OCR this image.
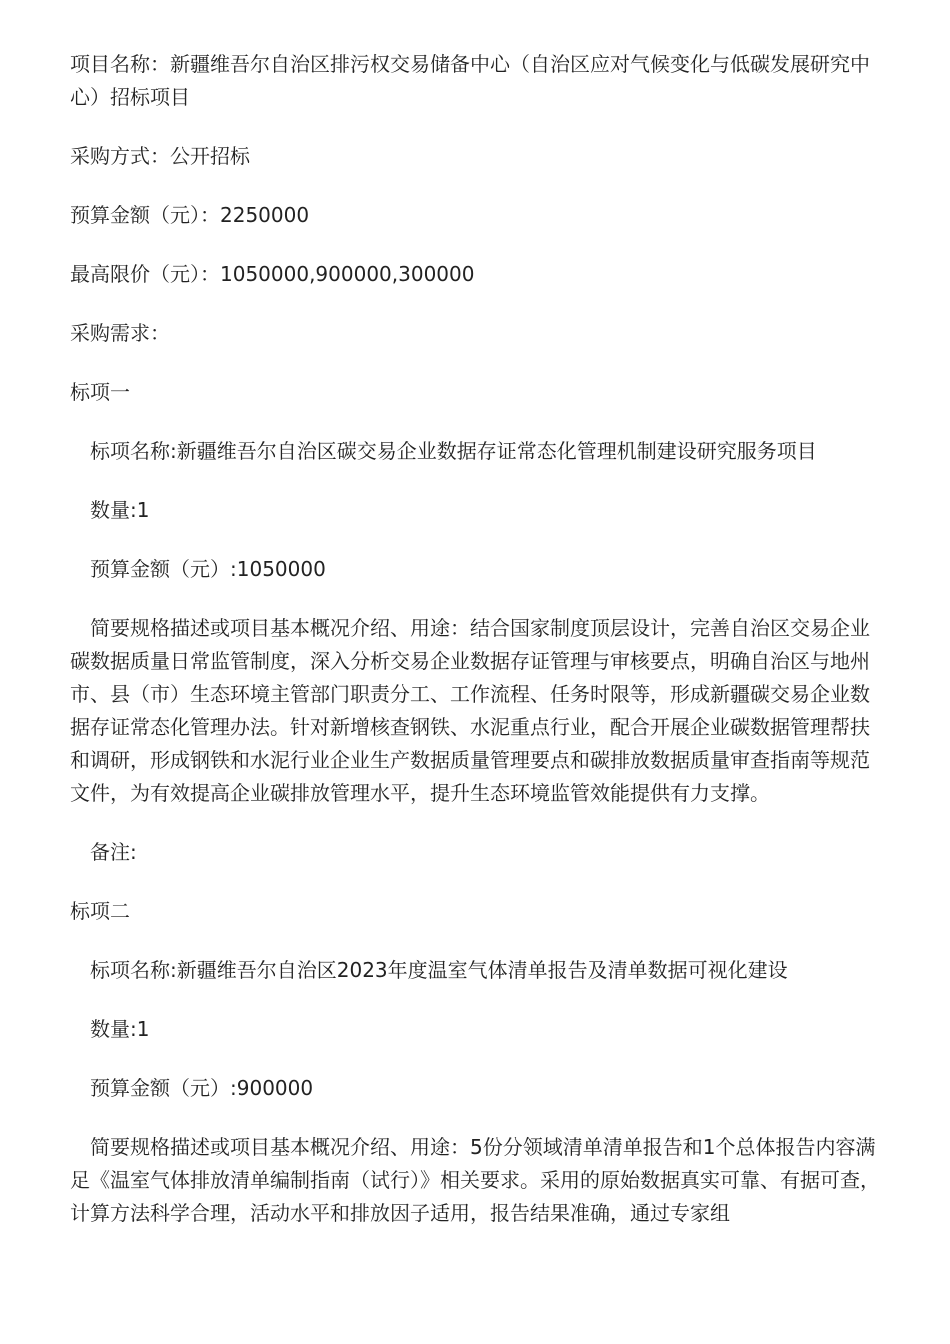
项目名称：新疆维吾尔自治区排污权交易储备中心（自治区应对气候变化与低碳发展研究中心）招标项目

采购方式：公开招标

预算金额（元）：2250000

最高限价（元）：1050000,900000,300000

采购需求：

标项一

标项名称:新疆维吾尔自治区碳交易企业数据存证常态化管理机制建设研究服务项目

数量:1

预算金额（元）:1050000

简要规格描述或项目基本概况介绍、用途：结合国家制度顶层设计，完善自治区交易企业碳数据质量日常监管制度，深入分析交易企业数据存证管理与审核要点，明确自治区与地州市、县（市）生态环境主管部门职责分工、工作流程、任务时限等，形成新疆碳交易企业数据存证常态化管理办法。针对新增核查钢铁、水泥重点行业，配合开展企业碳数据管理帮扶和调研，形成钢铁和水泥行业企业生产数据质量管理要点和碳排放数据质量审查指南等规范文件，为有效提高企业碳排放管理水平，提升生态环境监管效能提供有力支撑。

备注:

标项二

标项名称:新疆维吾尔自治区2023年度温室气体清单报告及清单数据可视化建设

数量:1

预算金额（元）:900000

简要规格描述或项目基本概况介绍、用途：5份分领域清单清单报告和1个总体报告内容满足《温室气体排放清单编制指南（试行）》相关要求。采用的原始数据真实可靠、有据可查，计算方法科学合理，活动水平和排放因子适用，报告结果准确，通过专家组
